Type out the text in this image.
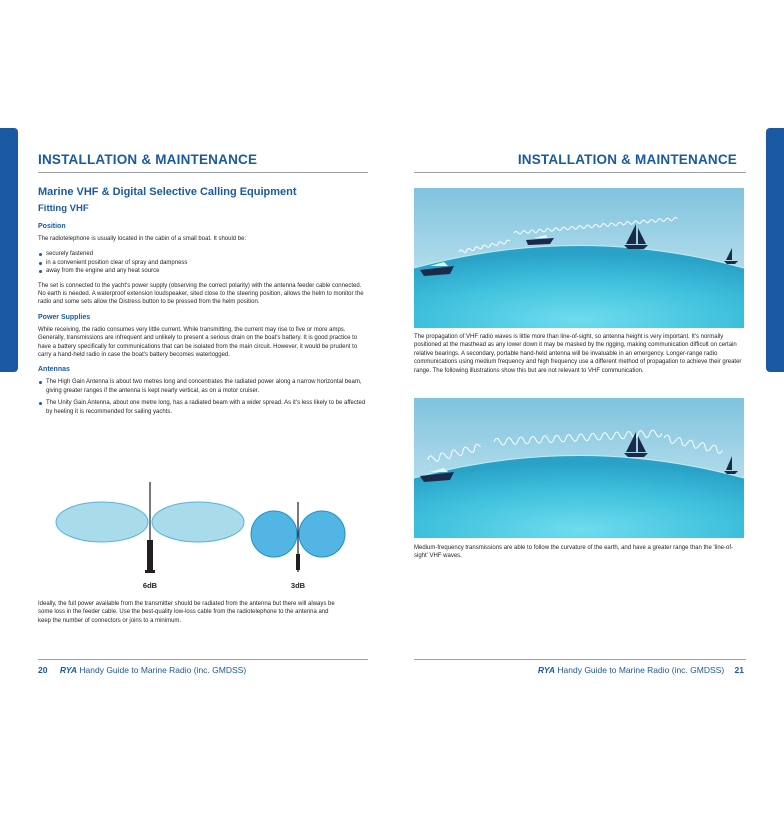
INSTALLATION & MAINTENANCE
Marine VHF & Digital Selective Calling Equipment
Fitting VHF
Position

The radiotelephone is usually located in the cabin of a small boat. It should be:

securely fastened
in a convenient position clear of spray and dampness
away from the engine and any heat source

The set is connected to the yacht's power supply (observing the correct polarity) with the antenna feeder cable connected. No earth is needed. A waterproof extension loudspeaker, sited close to the steering position, allows the helm to monitor the radio and some sets allow the Distress button to be pressed from the helm position.

Power Supplies

While receiving, the radio consumes very little current. While transmitting, the current may rise to five or more amps. Generally, transmissions are infrequent and unlikely to present a serious drain on the boat's battery. It is good practice to have a battery specifically for communications that can be isolated from the main circuit. However, it would be prudent to carry a hand-held radio in case the boat's battery becomes waterlogged.

Antennas
The High Gain Antenna is about two metres long and concentrates the radiated power along a narrow horizontal beam, giving greater ranges if the antenna is kept nearly vertical, as on a motor cruiser.
The Unity Gain Antenna, about one metre long, has a radiated beam with a wider spread. As it's less likely to be affected by heeling it is recommended for sailing yachts.
6dB	3dB

Ideally, the full power available from the transmitter should be radiated from the antenna but there will always be some loss in the feeder cable. Use the best-quality low-loss cable from the radiotelephone to the antenna and keep the number of connectors or joins to a minimum.

20 RYA Handy Guide to Marine Radio (inc. GMDSS)
INSTALLATION & MAINTENANCE

The propagation of VHF radio waves is little more than line-of-sight, so antenna height is very important. It's normally positioned at the masthead as any lower down it may be masked by the rigging, making communication difficult on certain relative bearings. A secondary, portable hand-held antenna will be invaluable in an emergency. Longer-range radio communications using medium frequency and high frequency use a different method of propagation to achieve their greater range. The following illustrations show this but are not relevant to VHF communication.

Medium-frequency transmissions are able to follow the curvature of the earth, and have a greater range than the 'line-of-sight' VHF waves.

RYA Handy Guide to Marine Radio (inc. GMDSS) 21
